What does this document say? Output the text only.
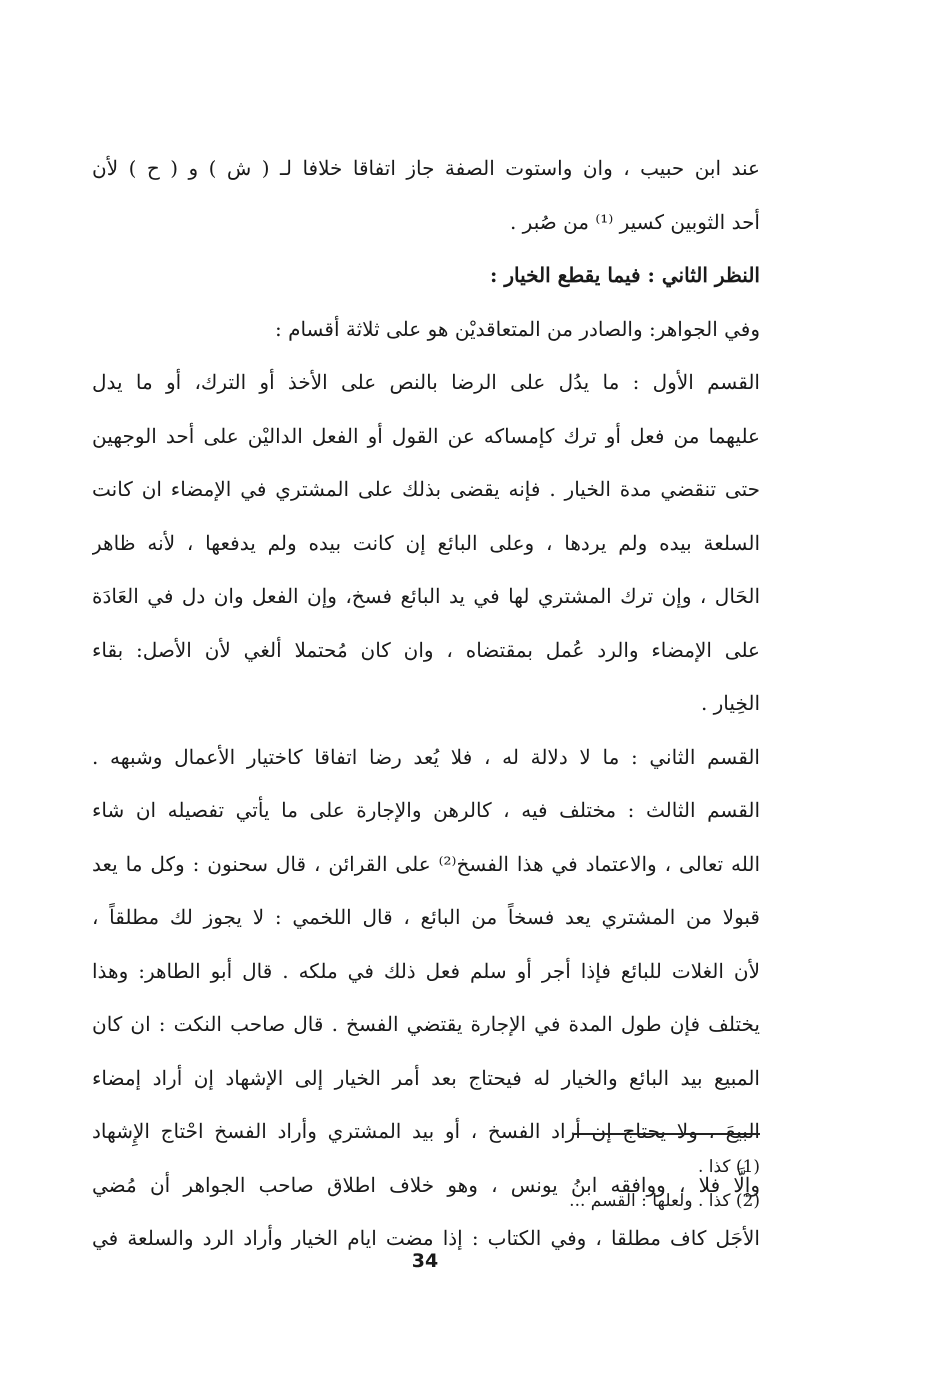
عند ابن حبيب ، وان واستوت الصفة جاز اتفاقا خلافا لـ ( ش ) و ( ح ) لأن
أحد الثوبين كسير ⁽¹⁾ من صُبر .
النظر الثاني : فيما يقطع الخيار :
وفي الجواهر: والصادر من المتعاقديْن هو على ثلاثة أقسام :
القسم الأول : ما يدُل على الرضا بالنص على الأخذ أو الترك، أو ما يدل
عليهما من فعل أو ترك كإمساكه عن القول أو الفعل الداليْن على أحد الوجهين
حتى تنقضي مدة الخيار . فإنه يقضى بذلك على المشتري في الإمضاء ان كانت
السلعة بيده ولم يردها ، وعلى البائع إن كانت بيده ولم يدفعها ، لأنه ظاهر
الحَال ، وإن ترك المشتري لها في يد البائع فسخ، وإن الفعل وان دل في العَادَة
على الإمضاء والرد عُمل بمقتضاه ، وان كان مُحتملا ألغي لأن الأصل: بقاء
الخِيار .
القسم الثاني : ما لا دلالة له ، فلا يُعد رضا اتفاقا كاختيار الأعمال وشبهه .
القسم الثالث : مختلف فيه ، كالرهن والإجارة على ما يأتي تفصيله ان شاء
الله تعالى ، والاعتماد في هذا الفسخ⁽²⁾ على القرائن ، قال سحنون : وكل ما يعد
قبولا من المشتري يعد فسخاً من البائع ، قال اللخمي : لا يجوز لك مطلقاً ،
لأن الغلات للبائع فإذا أجر أو سلم فعل ذلك في ملكه . قال أبو الطاهر: وهذا
يختلف فإن طول المدة في الإجارة يقتضي الفسخ . قال صاحب النكت : ان كان
المبيع بيد البائع والخيار له فيحتاج بعد أمر الخيار إلى الإشهاد إن أراد إمضاء
البيعَ ، ولا يحتاج إن أراد الفسخ ، أو بيد المشتري وأراد الفسخ احْتاج الإِشهاد
وإلَّا فلا ، ووافقه ابنُ يونس ، وهو خلاف اطلاق صاحب الجواهر أن مُضي
الأجَل كاف مطلقا ، وفي الكتاب : إذا مضت ايام الخيار وأراد الرد والسلعة في
(1) كذا .
(2) كذا . ولعلها : القسم ...
34
